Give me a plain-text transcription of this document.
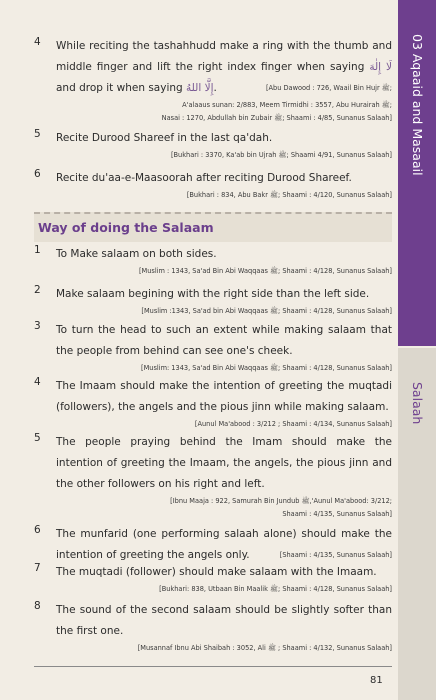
4 While reciting the tashahhudd make a ring with the thumb and middle finger and lift the right index finger when saying لَا إِلٰهَ and drop it when saying إِلَّا اللهُ.	[Abu Dawood : 726, Waail Bin Hujr ﷺ;
A'alaaus sunan: 2/883, Meem Tirmidhi : 3557, Abu Hurairah ﷺ;
Nasai : 1270, Abdullah bin Zubair ﷺ; Shaami : 4/85, Sunanus Salaah]
5 Recite Durood Shareef in the last qa'dah.
[Bukhari : 3370, Ka'ab bin Ujrah ﷺ; Shaami 4/91, Sunanus Salaah]
6 Recite du'aa-e-Maasoorah after reciting Durood Shareef.
[Bukhari : 834, Abu Bakr ﷺ; Shaami : 4/120, Sunanus Salaah]
Way of doing the Salaam
1 To Make salaam on both sides.
[Muslim : 1343, Sa'ad Bin Abi Waqqaas ﷺ; Shaami : 4/128, Sunanus Salaah]
2 Make salaam begining with the right side than the left side.
[Muslim :1343, Sa'ad bin Abi Waqqaas ﷺ; Shaami : 4/128, Sunanus Salaah]
3 To turn the head to such an extent while making salaam that the people from behind can see one's cheek.
[Muslim: 1343, Sa'ad Bin Abi Waqqaas ﷺ; Shaami : 4/128, Sunanus Salaah]
4 The Imaam should make the intention of greeting the muqtadi (followers), the angels and the pious jinn while making salaam.
[Aunul Ma'abood : 3/212 ; Shaami : 4/134, Sunanus Salaah]
5 The people praying behind the Imam should make the intention of greeting the Imaam, the angels, the pious jinn and the other followers on his right and left.
[Ibnu Maaja : 922, Samurah Bin Jundub ﷺ,'Aunul Ma'abood: 3/212;
Shaami : 4/135, Sunanus Salaah]
6 The munfarid (one performing salaah alone) should make the intention of greeting the angels only.	[Shaami : 4/135, Sunanus Salaah]
7 The muqtadi (follower) should make salaam with the Imaam.
[Bukhari: 838, Utbaan Bin Maalik ﷺ; Shaami : 4/128, Sunanus Salaah]
8 The sound of the second salaam should be slightly softer than the first one.
[Musannaf Ibnu Abi Shaibah : 3052, Ali ﷺ ; Shaami : 4/132, Sunanus Salaah]
81
03 Aqaaid and Masaail
Salaah
